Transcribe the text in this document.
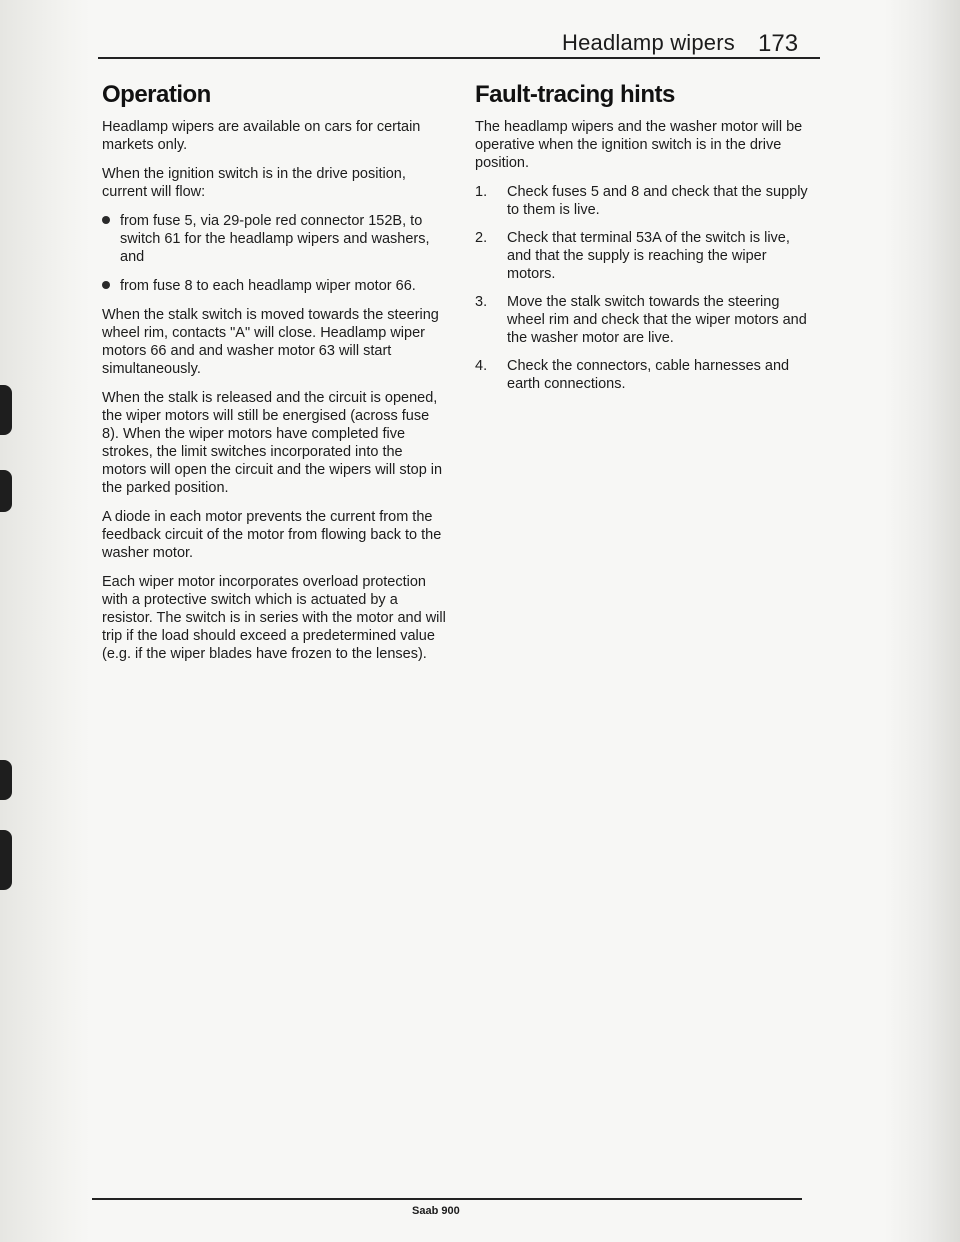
Headlamp wipers 173
Operation

Headlamp wipers are available on cars for certain markets only.

When the ignition switch is in the drive position, current will flow:

from fuse 5, via 29-pole red connector 152B, to switch 61 for the headlamp wipers and washers, and
from fuse 8 to each headlamp wiper motor 66.

When the stalk switch is moved towards the steering wheel rim, contacts "A" will close. Headlamp wiper motors 66 and and washer motor 63 will start simultaneously.

When the stalk is released and the circuit is opened, the wiper motors will still be energised (across fuse 8). When the wiper motors have completed five strokes, the limit switches incorporated into the motors will open the circuit and the wipers will stop in the parked position.

A diode in each motor prevents the current from the feedback circuit of the motor from flowing back to the washer motor.

Each wiper motor incorporates overload protection with a protective switch which is actuated by a resistor. The switch is in series with the motor and will trip if the load should exceed a predetermined value (e.g. if the wiper blades have frozen to the lenses).

Fault-tracing hints

The headlamp wipers and the washer motor will be operative when the ignition switch is in the drive position.

1. Check fuses 5 and 8 and check that the supply to them is live.
2. Check that terminal 53A of the switch is live, and that the supply is reaching the wiper motors.
3. Move the stalk switch towards the steering wheel rim and check that the wiper motors and the washer motor are live.
4. Check the connectors, cable harnesses and earth connections.
Saab 900
